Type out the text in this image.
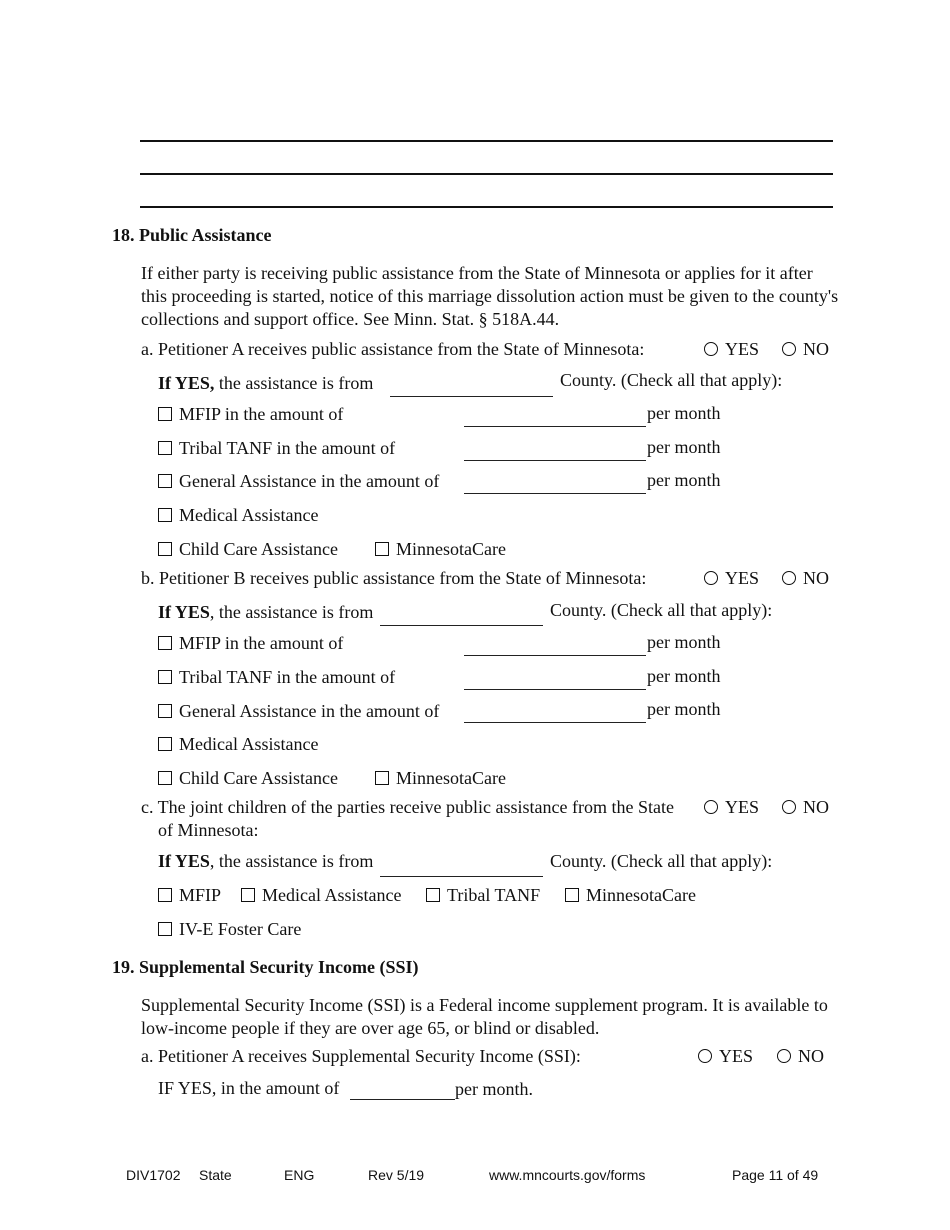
18. Public Assistance
If either party is receiving public assistance from the State of Minnesota or applies for it after this proceeding is started, notice of this marriage dissolution action must be given to the county's collections and support office. See Minn. Stat. § 518A.44.
a. Petitioner A receives public assistance from the State of Minnesota:	YES NO
If YES, the assistance is from	County. (Check all that apply):
MFIP in the amount of	per month
Tribal TANF in the amount of	per month
General Assistance in the amount of	per month
Medical Assistance
Child Care Assistance	MinnesotaCare
b. Petitioner B receives public assistance from the State of Minnesota:	YES NO
If YES, the assistance is from	County. (Check all that apply):
MFIP in the amount of	per month
Tribal TANF in the amount of	per month
General Assistance in the amount of	per month
Medical Assistance
Child Care Assistance	MinnesotaCare
c. The joint children of the parties receive public assistance from the State
of Minnesota:
YES NO
If YES, the assistance is from	County. (Check all that apply):
MFIP Medical Assistance	Tribal TANF	MinnesotaCare
IV-E Foster Care
19. Supplemental Security Income (SSI)
Supplemental Security Income (SSI) is a Federal income supplement program. It is available to low-income people if they are over age 65, or blind or disabled.
a. Petitioner A receives Supplemental Security Income (SSI):	YES NO
IF YES, in the amount of	per month.
DIV1702 State	ENG	Rev 5/19	www.mncourts.gov/forms	Page 11 of 49
